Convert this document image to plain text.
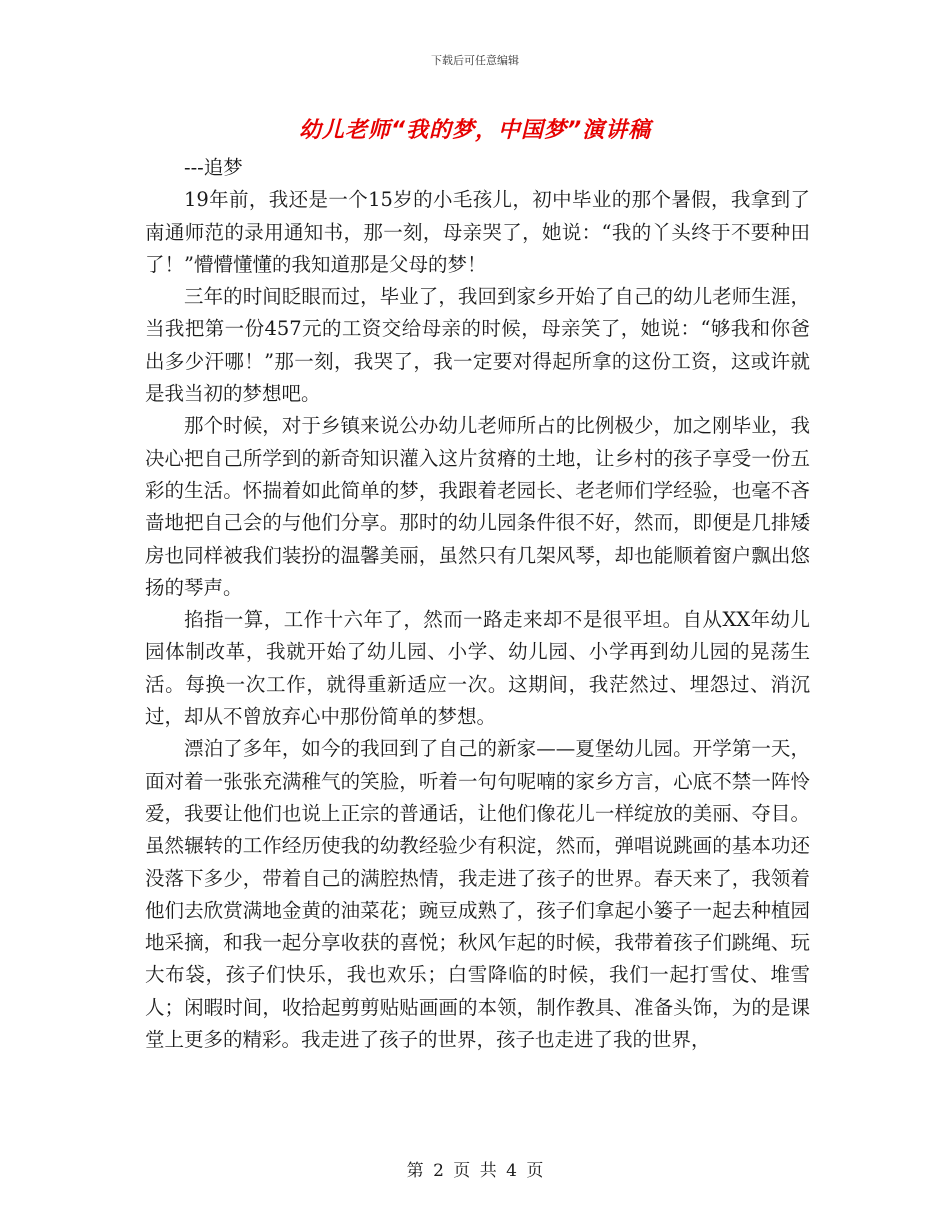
下载后可任意编辑
幼儿老师“我的梦，中国梦”演讲稿

---追梦

19年前，我还是一个15岁的小毛孩儿，初中毕业的那个暑假，我拿到了南通师范的录用通知书，那一刻，母亲哭了，她说：“我的丫头终于不要种田了！”懵懵懂懂的我知道那是父母的梦！

三年的时间眨眼而过，毕业了，我回到家乡开始了自己的幼儿老师生涯，当我把第一份457元的工资交给母亲的时候，母亲笑了，她说：“够我和你爸出多少汗哪！”那一刻，我哭了，我一定要对得起所拿的这份工资，这或许就是我当初的梦想吧。

那个时候，对于乡镇来说公办幼儿老师所占的比例极少，加之刚毕业，我决心把自己所学到的新奇知识灌入这片贫瘠的土地，让乡村的孩子享受一份五彩的生活。怀揣着如此简单的梦，我跟着老园长、老老师们学经验，也毫不吝啬地把自己会的与他们分享。那时的幼儿园条件很不好，然而，即便是几排矮房也同样被我们装扮的温馨美丽，虽然只有几架风琴，却也能顺着窗户飘出悠扬的琴声。

掐指一算，工作十六年了，然而一路走来却不是很平坦。自从XX年幼儿园体制改革，我就开始了幼儿园、小学、幼儿园、小学再到幼儿园的晃荡生活。每换一次工作，就得重新适应一次。这期间，我茫然过、埋怨过、消沉过，却从不曾放弃心中那份简单的梦想。

漂泊了多年，如今的我回到了自己的新家——夏堡幼儿园。开学第一天，面对着一张张充满稚气的笑脸，听着一句句呢喃的家乡方言，心底不禁一阵怜爱，我要让他们也说上正宗的普通话，让他们像花儿一样绽放的美丽、夺目。虽然辗转的工作经历使我的幼教经验少有积淀，然而，弹唱说跳画的基本功还没落下多少，带着自己的满腔热情，我走进了孩子的世界。春天来了，我领着他们去欣赏满地金黄的油菜花；豌豆成熟了，孩子们拿起小篓子一起去种植园地采摘，和我一起分享收获的喜悦；秋风乍起的时候，我带着孩子们跳绳、玩大布袋，孩子们快乐，我也欢乐；白雪降临的时候，我们一起打雪仗、堆雪人；闲暇时间，收拾起剪剪贴贴画画的本领，制作教具、准备头饰，为的是课堂上更多的精彩。我走进了孩子的世界，孩子也走进了我的世界，

第 2 页 共 4 页
